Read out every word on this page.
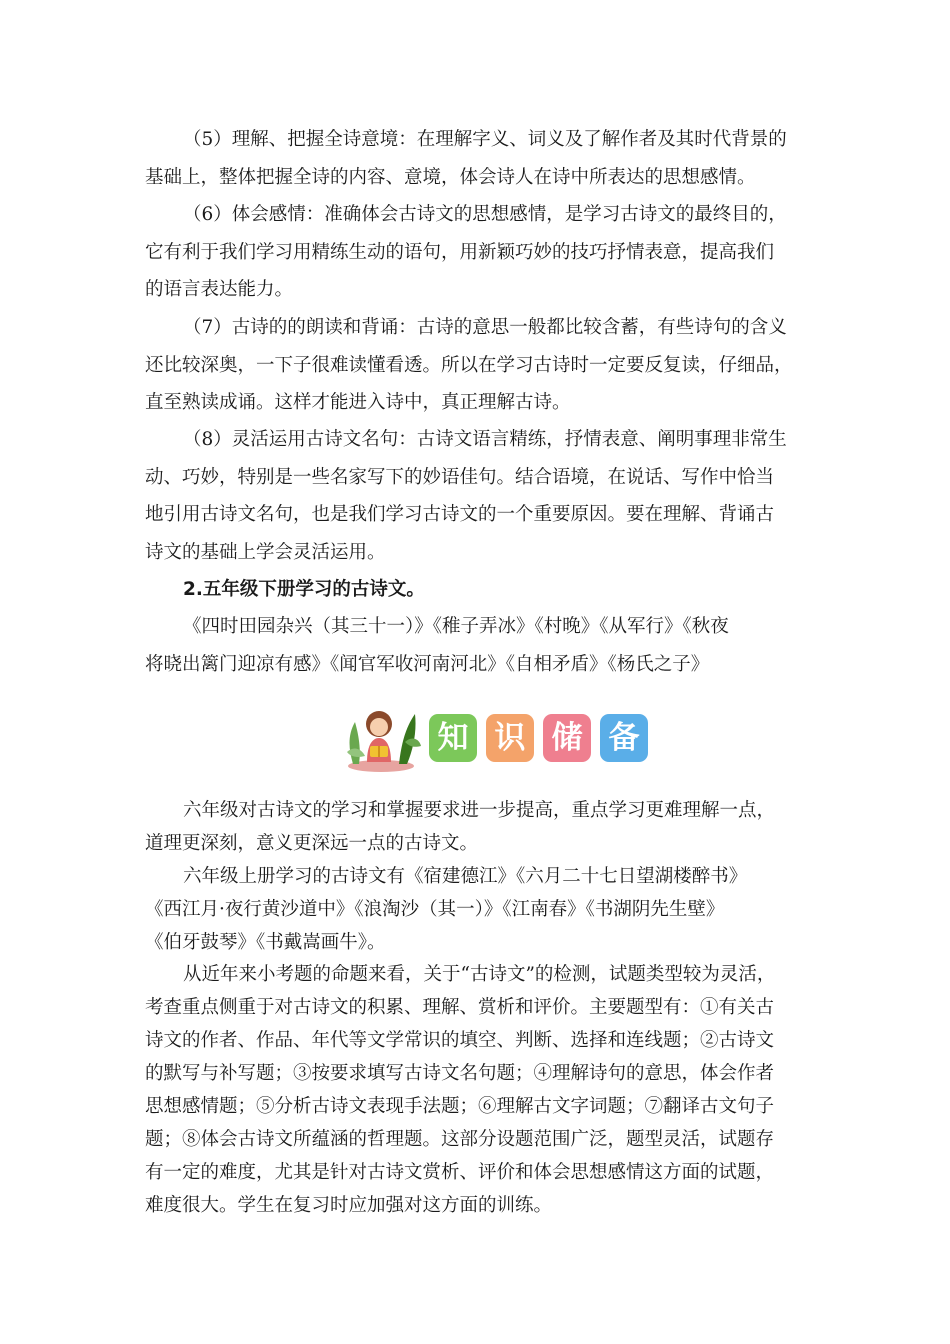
（5）理解、把握全诗意境：在理解字义、词义及了解作者及其时代背景的
基础上，整体把握全诗的内容、意境，体会诗人在诗中所表达的思想感情。
（6）体会感情：准确体会古诗文的思想感情，是学习古诗文的最终目的，
它有利于我们学习用精练生动的语句，用新颖巧妙的技巧抒情表意，提高我们
的语言表达能力。
（7）古诗的的朗读和背诵：古诗的意思一般都比较含蓄，有些诗句的含义
还比较深奥，一下子很难读懂看透。所以在学习古诗时一定要反复读，仔细品，
直至熟读成诵。这样才能进入诗中，真正理解古诗。
（8）灵活运用古诗文名句：古诗文语言精练，抒情表意、阐明事理非常生
动、巧妙，特别是一些名家写下的妙语佳句。结合语境，在说话、写作中恰当
地引用古诗文名句，也是我们学习古诗文的一个重要原因。要在理解、背诵古
诗文的基础上学会灵活运用。
2.五年级下册学习的古诗文。
《四时田园杂兴（其三十一）》《稚子弄冰》《村晚》《从军行》《秋夜
将晓出篱门迎凉有感》《闻官军收河南河北》《自相矛盾》《杨氏之子》
知 识 储 备
六年级对古诗文的学习和掌握要求进一步提高，重点学习更难理解一点，
道理更深刻，意义更深远一点的古诗文。
六年级上册学习的古诗文有《宿建德江》《六月二十七日望湖楼醉书》
《西江月·夜行黄沙道中》《浪淘沙（其一）》《江南春》《书湖阴先生壁》
《伯牙鼓琴》《书戴嵩画牛》。
从近年来小考题的命题来看，关于“古诗文”的检测，试题类型较为灵活，
考查重点侧重于对古诗文的积累、理解、赏析和评价。主要题型有：①有关古
诗文的作者、作品、年代等文学常识的填空、判断、选择和连线题；②古诗文
的默写与补写题；③按要求填写古诗文名句题；④理解诗句的意思，体会作者
思想感情题；⑤分析古诗文表现手法题；⑥理解古文字词题；⑦翻译古文句子
题；⑧体会古诗文所蕴涵的哲理题。这部分设题范围广泛，题型灵活，试题存
有一定的难度，尤其是针对古诗文赏析、评价和体会思想感情这方面的试题，
难度很大。学生在复习时应加强对这方面的训练。
